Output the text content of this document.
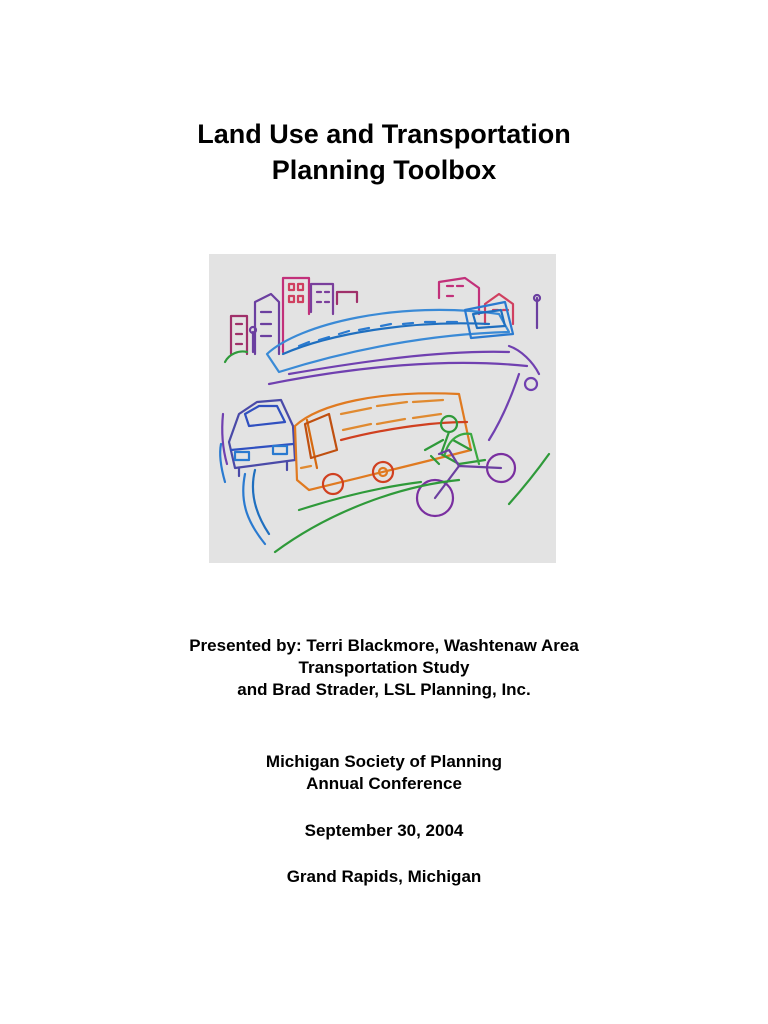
Land Use and Transportation
Planning Toolbox
Presented by: Terri Blackmore, Washtenaw Area
Transportation Study
and Brad Strader, LSL Planning, Inc.
Michigan Society of Planning
Annual Conference
September 30, 2004
Grand Rapids, Michigan
